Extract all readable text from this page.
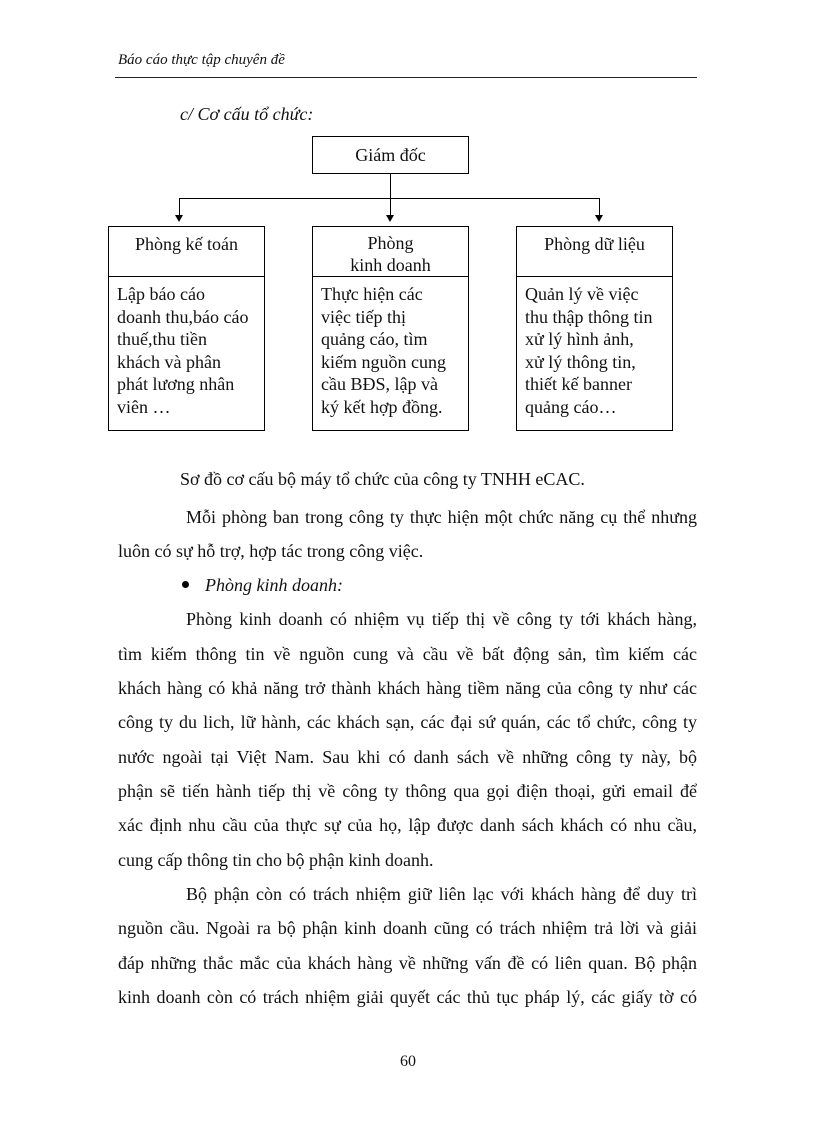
Báo cáo thực tập chuyên đề
c/ Cơ cấu tổ chức:
Giám đốc
Phòng kế toán
Lập báo cáo
doanh thu,báo cáo
thuế,thu tiền
khách và phân
phát lương nhân
viên …
Phòng
kinh doanh
Thực hiện các
việc tiếp thị
quảng cáo, tìm
kiếm nguồn cung
cầu BĐS, lập và
ký kết hợp đồng.
Phòng dữ liệu
Quản lý về việc
thu thập thông tin
xử lý hình ảnh,
xử lý thông tin,
thiết kế banner
quảng cáo…
Sơ đồ cơ cấu bộ máy tổ chức của công ty TNHH eCAC.
Mỗi phòng ban trong công ty thực hiện một chức năng cụ thể nhưng
luôn có sự hỗ trợ, hợp tác trong công việc.
Phòng kinh doanh:
Phòng kinh doanh có nhiệm vụ tiếp thị về công ty tới khách hàng,
tìm kiếm thông tin về nguồn cung và cầu về bất động sản, tìm kiếm các
khách hàng có khả năng trở thành khách hàng tiềm năng của công ty như các
công ty du lich, lữ hành, các khách sạn, các đại sứ quán, các tổ chức, công ty
nước ngoài tại Việt Nam. Sau khi có danh sách về những công ty này, bộ
phận sẽ tiến hành tiếp thị về công ty thông qua gọi điện thoại, gửi email để
xác định nhu cầu của thực sự của họ, lập được danh sách khách có nhu cầu,
cung cấp thông tin cho bộ phận kinh doanh.
Bộ phận còn có trách nhiệm giữ liên lạc với khách hàng để duy trì
nguồn cầu. Ngoài ra bộ phận kinh doanh cũng có trách nhiệm trả lời và giải
đáp những thắc mắc của khách hàng về những vấn đề có liên quan. Bộ phận
kinh doanh còn có trách nhiệm giải quyết các thủ tục pháp lý, các giấy tờ có
60
